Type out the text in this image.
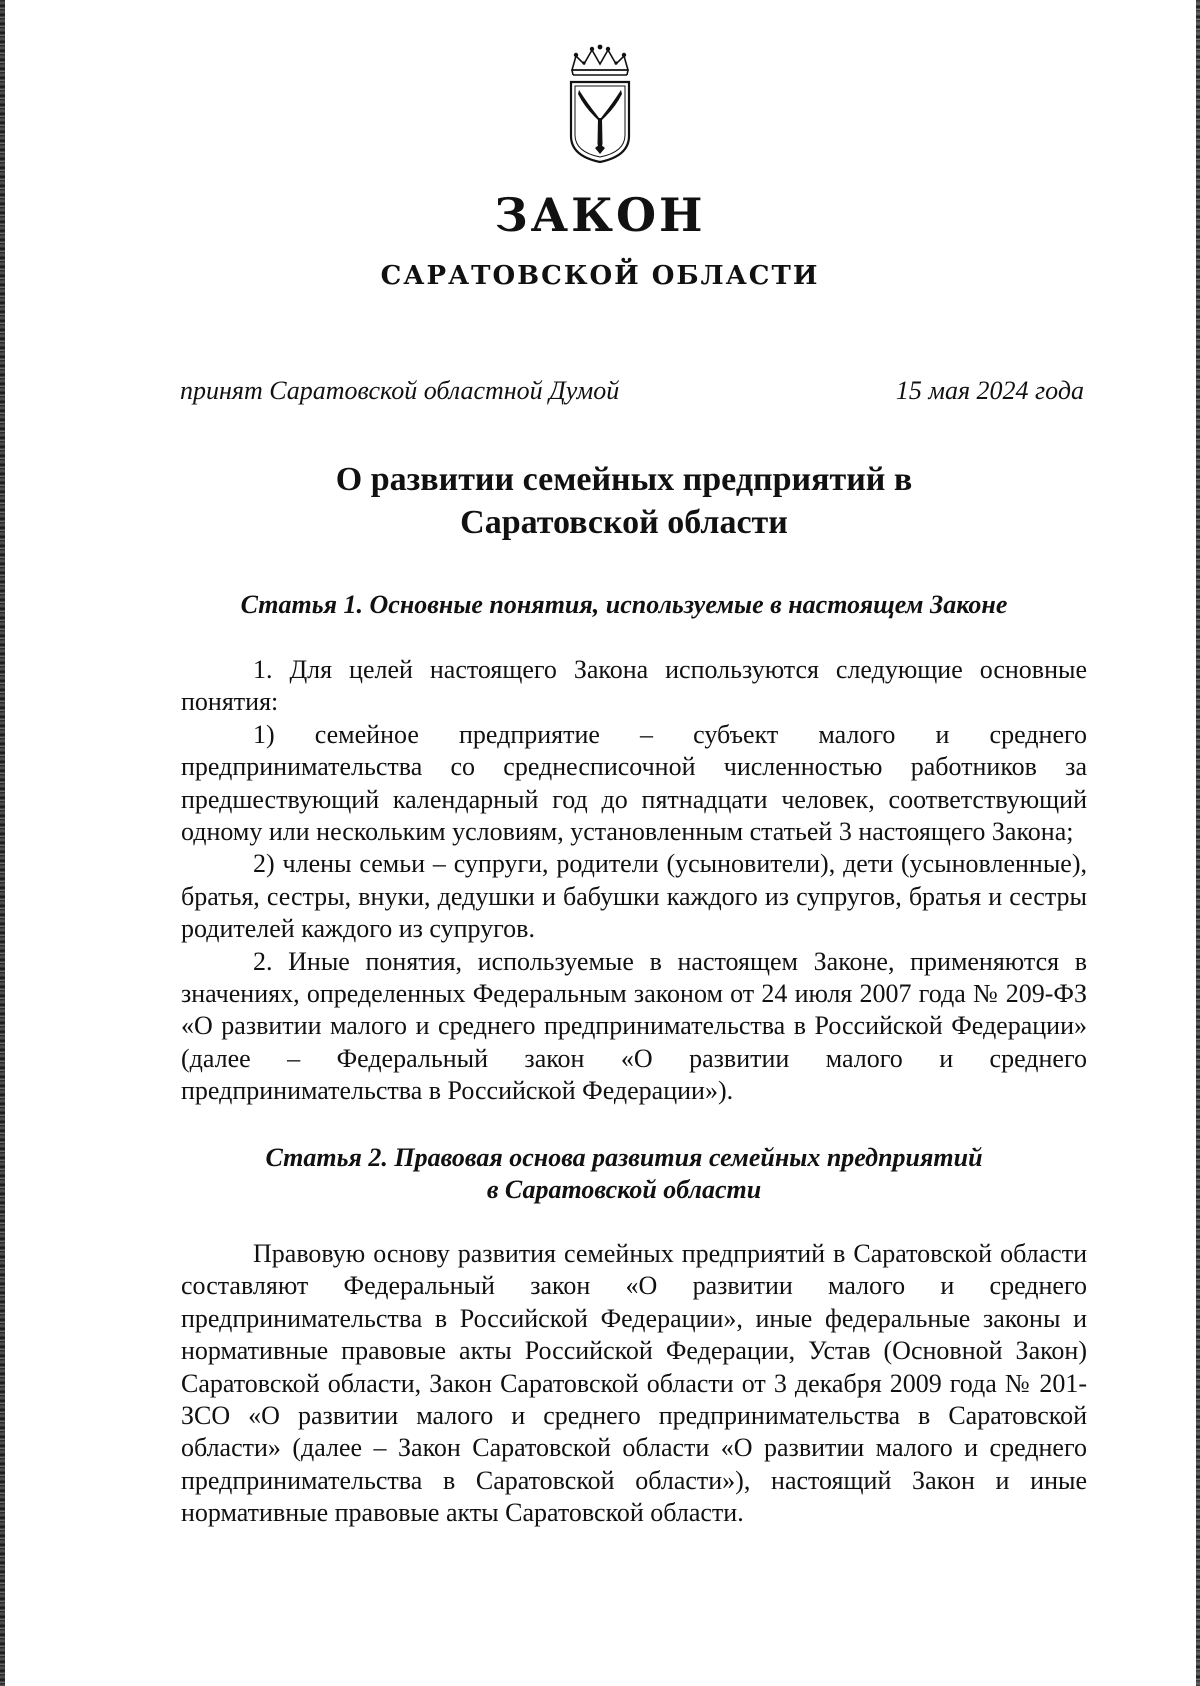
ЗАКОН
САРАТОВСКОЙ ОБЛАСТИ
принят Саратовской областной Думой	15 мая 2024 года
О развитии семейных предприятий в
Саратовской области
Статья 1. Основные понятия, используемые в настоящем Законе

1. Для целей настоящего Закона используются следующие основные понятия:

1) семейное предприятие – субъект малого и среднего предпринимательства со среднесписочной численностью работников за предшествующий календарный год до пятнадцати человек, соответствующий одному или нескольким условиям, установленным статьей 3 настоящего Закона;

2) члены семьи – супруги, родители (усыновители), дети (усыновленные), братья, сестры, внуки, дедушки и бабушки каждого из супругов, братья и сестры родителей каждого из супругов.

2. Иные понятия, используемые в настоящем Законе, применяются в значениях, определенных Федеральным законом от 24 июля 2007 года № 209-ФЗ «О развитии малого и среднего предпринимательства в Российской Федерации» (далее – Федеральный закон «О развитии малого и среднего предпринимательства в Российской Федерации»).

Статья 2. Правовая основа развития семейных предприятий
в Саратовской области

Правовую основу развития семейных предприятий в Саратовской области составляют Федеральный закон «О развитии малого и среднего предпринимательства в Российской Федерации», иные федеральные законы и нормативные правовые акты Российской Федерации, Устав (Основной Закон) Саратовской области, Закон Саратовской области от 3 декабря 2009 года № 201-ЗСО «О развитии малого и среднего предпринимательства в Саратовской области» (далее – Закон Саратовской области «О развитии малого и среднего предпринимательства в Саратовской области»), настоящий Закон и иные нормативные правовые акты Саратовской области.
